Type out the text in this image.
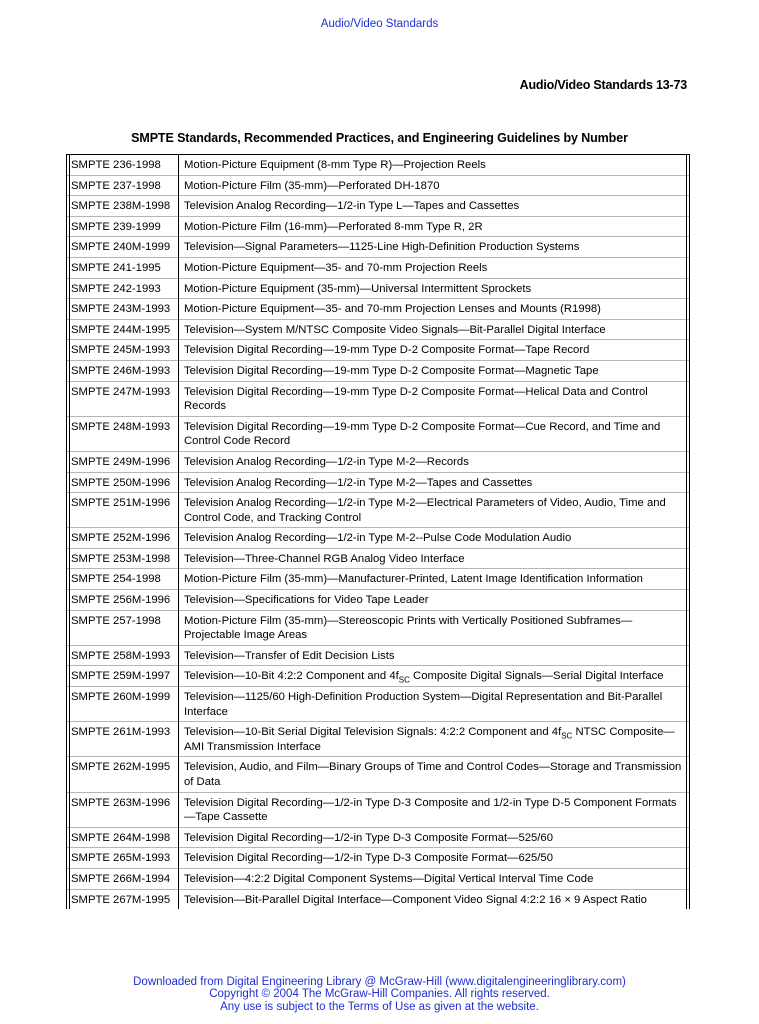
Audio/Video Standards
Audio/Video Standards 13-73
SMPTE Standards, Recommended Practices, and Engineering Guidelines by Number
SMPTE 236-1998	Motion-Picture Equipment (8-mm Type R)—Projection Reels
SMPTE 237-1998	Motion-Picture Film (35-mm)—Perforated DH-1870
SMPTE 238M-1998	Television Analog Recording—1/2-in Type L—Tapes and Cassettes
SMPTE 239-1999	Motion-Picture Film (16-mm)—Perforated 8-mm Type R, 2R
SMPTE 240M-1999	Television—Signal Parameters—1125-Line High-Definition Production Systems
SMPTE 241-1995	Motion-Picture Equipment—35- and 70-mm Projection Reels
SMPTE 242-1993	Motion-Picture Equipment (35-mm)—Universal Intermittent Sprockets
SMPTE 243M-1993	Motion-Picture Equipment—35- and 70-mm Projection Lenses and Mounts (R1998)
SMPTE 244M-1995	Television—System M/NTSC Composite Video Signals—Bit-Parallel Digital Interface
SMPTE 245M-1993	Television Digital Recording—19-mm Type D-2 Composite Format—Tape Record
SMPTE 246M-1993	Television Digital Recording—19-mm Type D-2 Composite Format—Magnetic Tape
SMPTE 247M-1993	Television Digital Recording—19-mm Type D-2 Composite Format—Helical Data and Control Records
SMPTE 248M-1993	Television Digital Recording—19-mm Type D-2 Composite Format—Cue Record, and Time and Control Code Record
SMPTE 249M-1996	Television Analog Recording—1/2-in Type M-2—Records
SMPTE 250M-1996	Television Analog Recording—1/2-in Type M-2—Tapes and Cassettes
SMPTE 251M-1996	Television Analog Recording—1/2-in Type M-2—Electrical Parameters of Video, Audio, Time and Control Code, and Tracking Control
SMPTE 252M-1996	Television Analog Recording—1/2-in Type M-2--Pulse Code Modulation Audio
SMPTE 253M-1998	Television—Three-Channel RGB Analog Video Interface
SMPTE 254-1998	Motion-Picture Film (35-mm)—Manufacturer-Printed, Latent Image Identification Information
SMPTE 256M-1996	Television—Specifications for Video Tape Leader
SMPTE 257-1998	Motion-Picture Film (35-mm)—Stereoscopic Prints with Vertically Positioned Subframes—Projectable Image Areas
SMPTE 258M-1993	Television—Transfer of Edit Decision Lists
SMPTE 259M-1997	Television—10-Bit 4:2:2 Component and $4f_{SC}$ Composite Digital Signals—Serial Digital Interface
SMPTE 260M-1999	Television—1125/60 High-Definition Production System—Digital Representation and Bit-Parallel Interface
SMPTE 261M-1993	Television—10-Bit Serial Digital Television Signals: 4:2:2 Component and $4f_{SC}$ NTSC Composite—AMI Transmission Interface
SMPTE 262M-1995	Television, Audio, and Film—Binary Groups of Time and Control Codes—Storage and Transmission of Data
SMPTE 263M-1996	Television Digital Recording—1/2-in Type D-3 Composite and 1/2-in Type D-5 Component Formats—Tape Cassette
SMPTE 264M-1998	Television Digital Recording—1/2-in Type D-3 Composite Format—525/60
SMPTE 265M-1993	Television Digital Recording—1/2-in Type D-3 Composite Format—625/50
SMPTE 266M-1994	Television—4:2:2 Digital Component Systems—Digital Vertical Interval Time Code
SMPTE 267M-1995	Television—Bit-Parallel Digital Interface—Component Video Signal 4:2:2 16 × 9 Aspect Ratio
Downloaded from Digital Engineering Library @ McGraw-Hill (www.digitalengineeringlibrary.com)
Copyright © 2004 The McGraw-Hill Companies. All rights reserved.
Any use is subject to the Terms of Use as given at the website.
